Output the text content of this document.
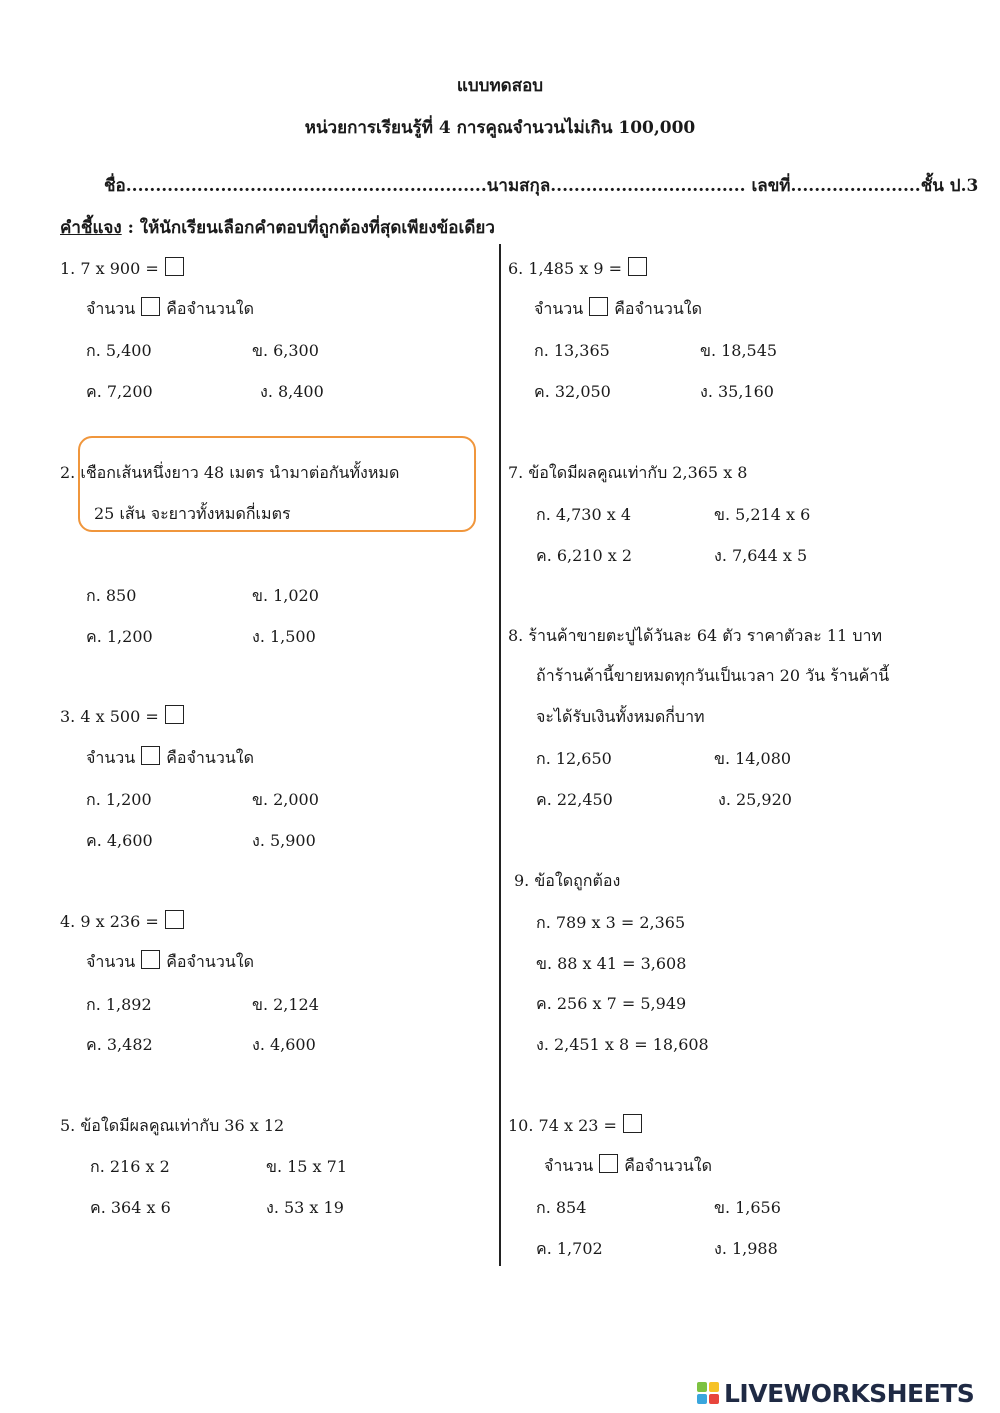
แบบทดสอบ
หน่วยการเรียนรู้ที่ 4 การคูณจำนวนไม่เกิน 100,000
ชื่อ.............................................................นามสกุล................................. เลขที่......................ชั้น ป.3
คำชี้แจง : ให้นักเรียนเลือกคำตอบที่ถูกต้องที่สุดเพียงข้อเดียว
1. 7 x 900 =
จำนวน คือจำนวนใด
ก. 5,400	ข. 6,300
ค. 7,200	ง. 8,400
2. เชือกเส้นหนึ่งยาว 48 เมตร นำมาต่อกันทั้งหมด
25 เส้น จะยาวทั้งหมดกี่เมตร
ก. 850	ข. 1,020
ค. 1,200	ง. 1,500
3. 4 x 500 =
จำนวน คือจำนวนใด
ก. 1,200	ข. 2,000
ค. 4,600	ง. 5,900
4. 9 x 236 =
จำนวน คือจำนวนใด
ก. 1,892	ข. 2,124
ค. 3,482	ง. 4,600
5. ข้อใดมีผลคูณเท่ากับ 36 x 12
ก. 216 x 2	ข. 15 x 71
ค. 364 x 6	ง. 53 x 19
6. 1,485 x 9 =
จำนวน คือจำนวนใด
ก. 13,365	ข. 18,545
ค. 32,050	ง. 35,160
7. ข้อใดมีผลคูณเท่ากับ 2,365 x 8
ก. 4,730 x 4	ข. 5,214 x 6
ค. 6,210 x 2	ง. 7,644 x 5
8. ร้านค้าขายตะปูได้วันละ 64 ตัว ราคาตัวละ 11 บาท
ถ้าร้านค้านี้ขายหมดทุกวันเป็นเวลา 20 วัน ร้านค้านี้
จะได้รับเงินทั้งหมดกี่บาท
ก. 12,650	ข. 14,080
ค. 22,450	ง. 25,920
9. ข้อใดถูกต้อง
ก. 789 x 3 = 2,365
ข. 88 x 41 = 3,608
ค. 256 x 7 = 5,949
ง. 2,451 x 8 = 18,608
10. 74 x 23 =
จำนวน คือจำนวนใด
ก. 854	ข. 1,656
ค. 1,702	ง. 1,988
LIVEWORKSHEETS
